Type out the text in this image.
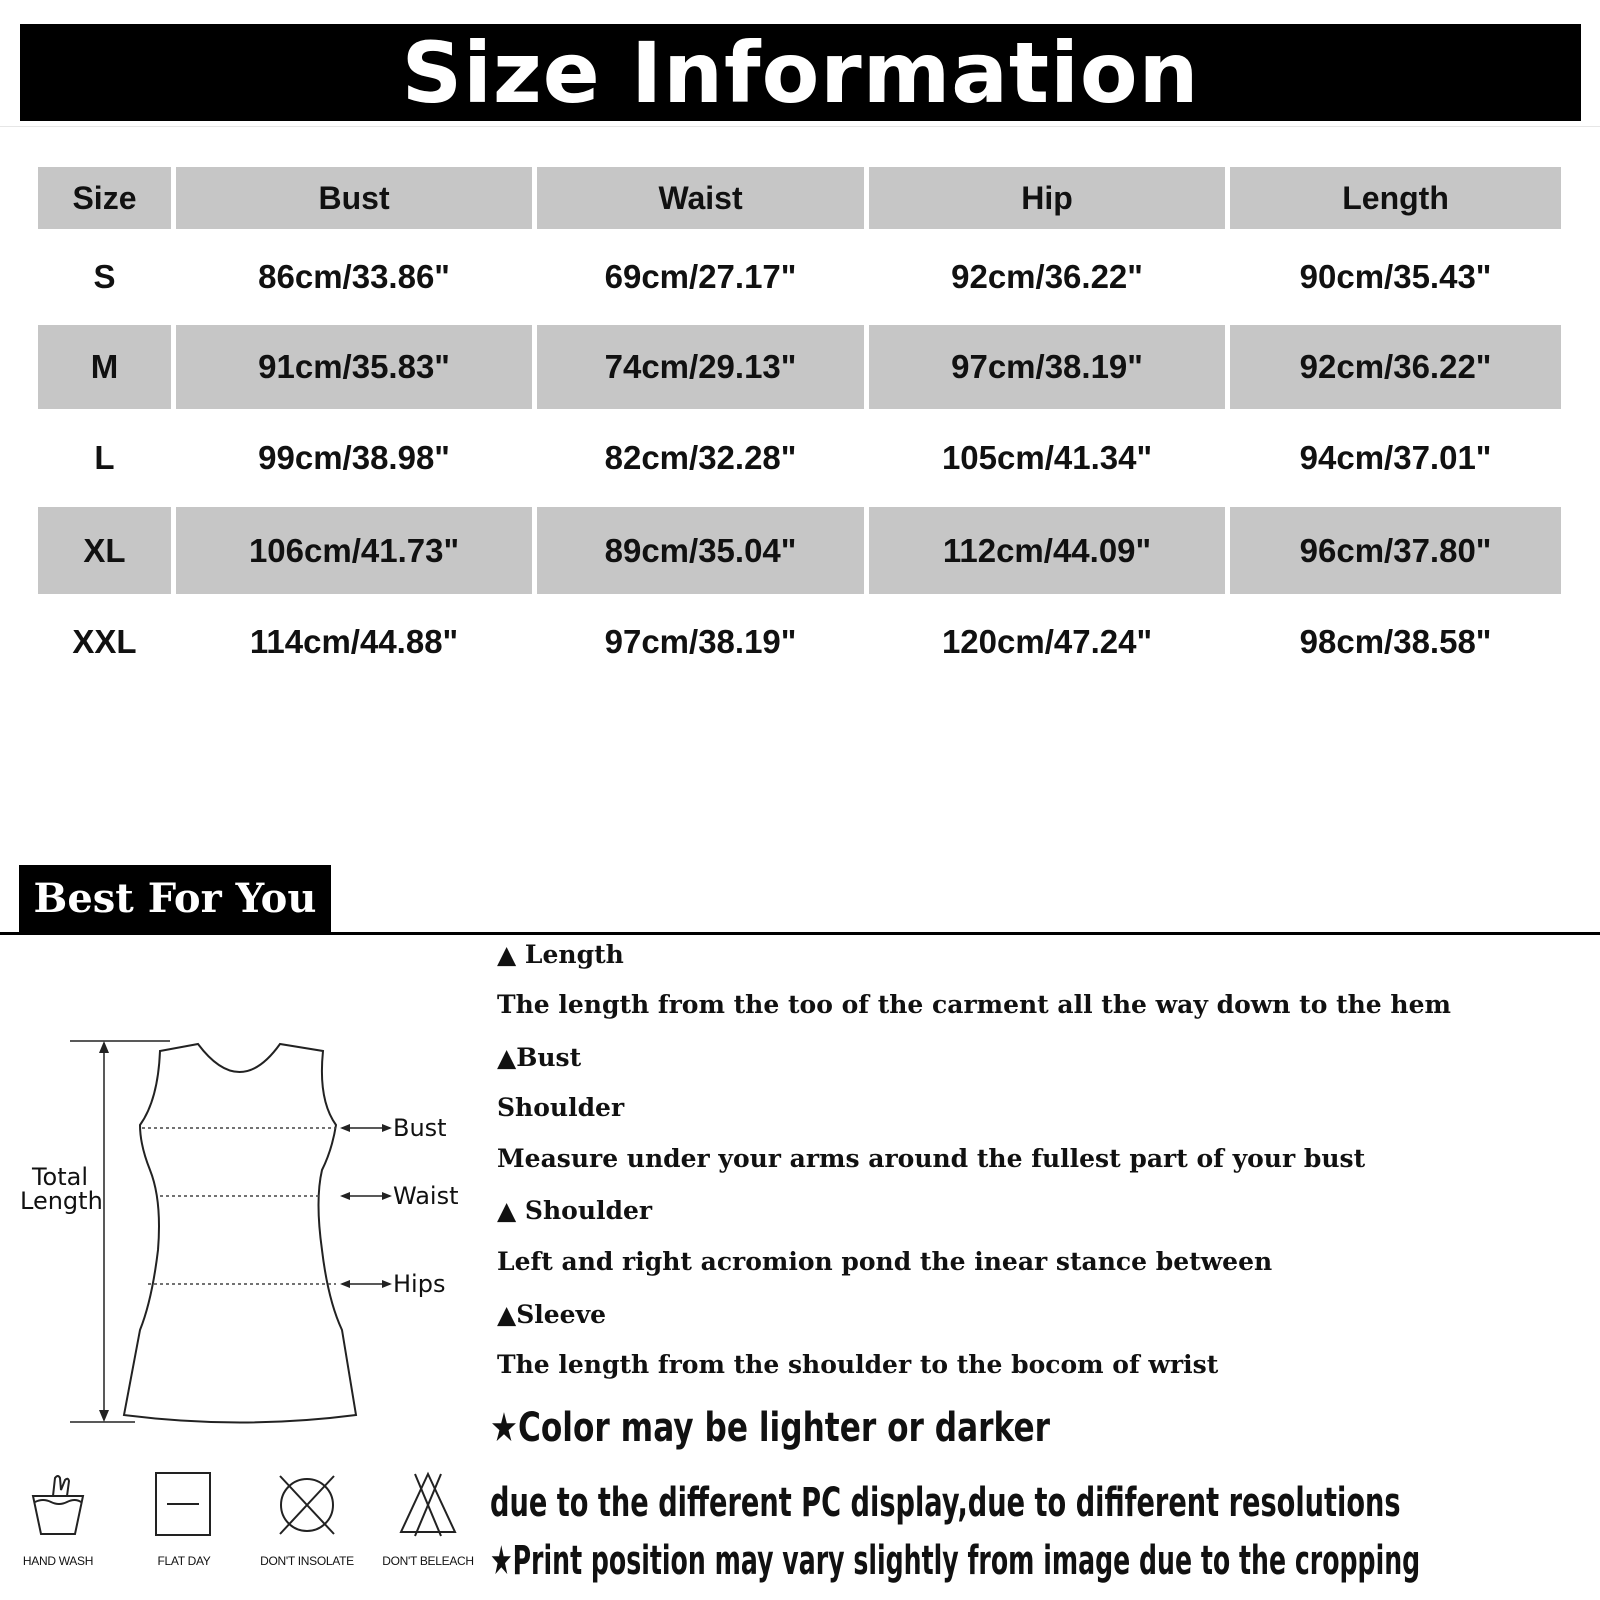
Size Information
Size	Bust	Waist	Hip	Length
S	86cm/33.86"	69cm/27.17"	92cm/36.22"	90cm/35.43"
M	91cm/35.83"	74cm/29.13"	97cm/38.19"	92cm/36.22"
L	99cm/38.98"	82cm/32.28"	105cm/41.34"	94cm/37.01"
XL	106cm/41.73"	89cm/35.04"	112cm/44.09"	96cm/37.80"
XXL	114cm/44.88"	97cm/38.19"	120cm/47.24"	98cm/38.58"
Best For You
Total
Length
Bust
Waist
Hips
HAND WASH	FLAT DAY	DON'T INSOLATE	DON'T BELEACH
▲ Length
The length from the too of the carment all the way down to the hem
▲Bust
Shoulder
Measure under your arms around the fullest part of your bust
▲ Shoulder
Left and right acromion pond the inear stance between
▲Sleeve
The length from the shoulder to the bocom of wrist
★Color may be lighter or darker
due to the different PC display,due to dififerent resolutions
★Print position may vary slightly from image due to the cropping
